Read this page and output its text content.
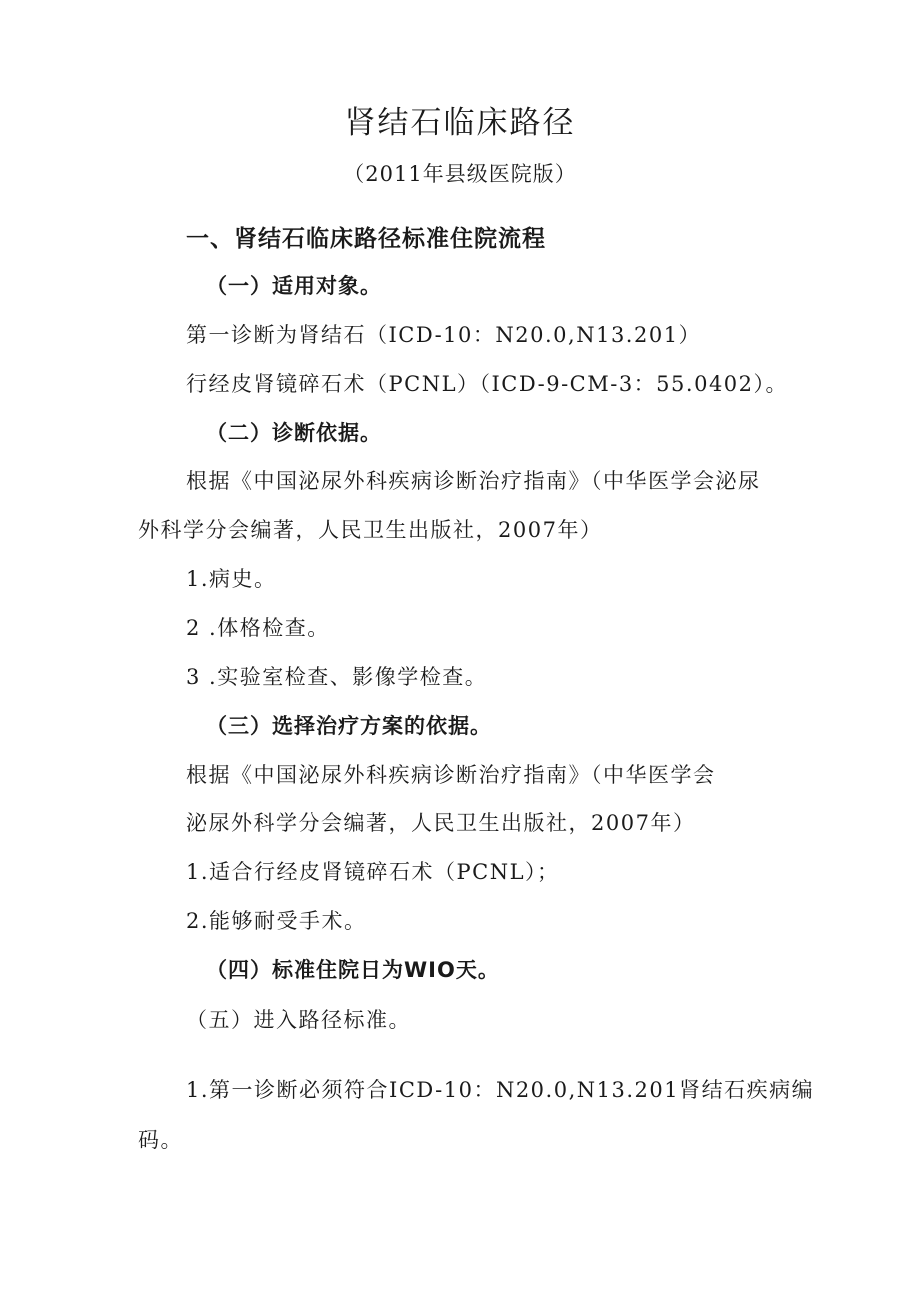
肾结石临床路径
（2011年县级医院版）
一、肾结石临床路径标准住院流程
（一）适用对象。
第一诊断为肾结石（ICD-10：N20.0,N13.201）
行经皮肾镜碎石术（PCNL）（ICD-9-CM-3：55.0402）。
（二）诊断依据。
根据《中国泌尿外科疾病诊断治疗指南》（中华医学会泌尿
外科学分会编著，人民卫生出版社，2007年）
1.病史。
2 .体格检查。
3 .实验室检查、影像学检查。
（三）选择治疗方案的依据。
根据《中国泌尿外科疾病诊断治疗指南》（中华医学会
泌尿外科学分会编著，人民卫生出版社，2007年）
1.适合行经皮肾镜碎石术（PCNL）；
2.能够耐受手术。
（四）标准住院日为WIO天。
（五）进入路径标准。
1.第一诊断必须符合ICD-10：N20.0,N13.201肾结石疾病编
码。
